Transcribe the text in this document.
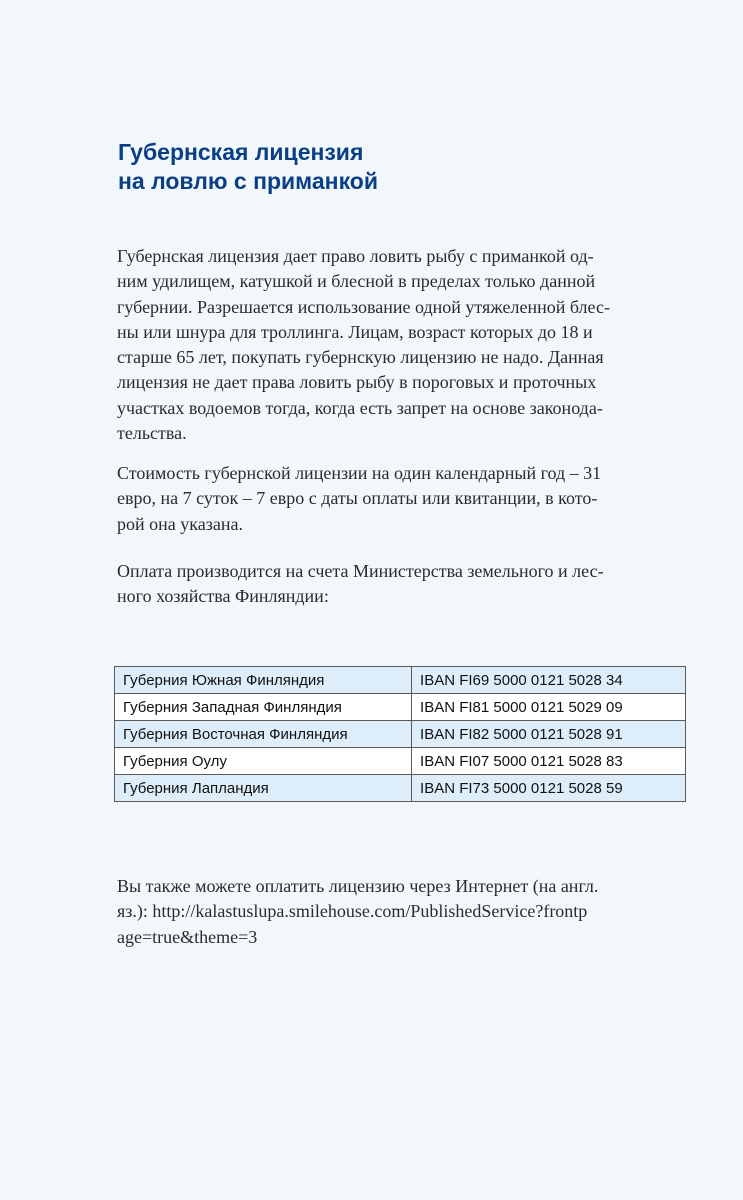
Губернская лицензия
на ловлю с приманкой
Губернская лицензия дает право ловить рыбу с приманкой од-
ним удилищем, катушкой и блесной в пределах только данной
губернии. Разрешается использование одной утяжеленной блес-
ны или шнура для троллинга. Лицам, возраст которых до 18 и
старше 65 лет, покупать губернскую лицензию не надо. Данная
лицензия не дает права ловить рыбу в пороговых и проточных
участках водоемов тогда, когда есть запрет на основе законода-
тельства.
Стоимость губернской лицензии на один календарный год – 31
евро, на 7 суток – 7 евро с даты оплаты или квитанции, в кото-
рой она указана.
Оплата производится на счета Министерства земельного и лес-
ного хозяйства Финляндии:
Губерния Южная Финляндия	IBAN FI69 5000 0121 5028 34
Губерния Западная Финляндия	IBAN FI81 5000 0121 5029 09
Губерния Восточная Финляндия	IBAN FI82 5000 0121 5028 91
Губерния Оулу	IBAN FI07 5000 0121 5028 83
Губерния Лапландия	IBAN FI73 5000 0121 5028 59
Вы также можете оплатить лицензию через Интернет (на англ.
яз.): http://kalastuslupa.smilehouse.com/PublishedService?frontp
age=true&theme=3
